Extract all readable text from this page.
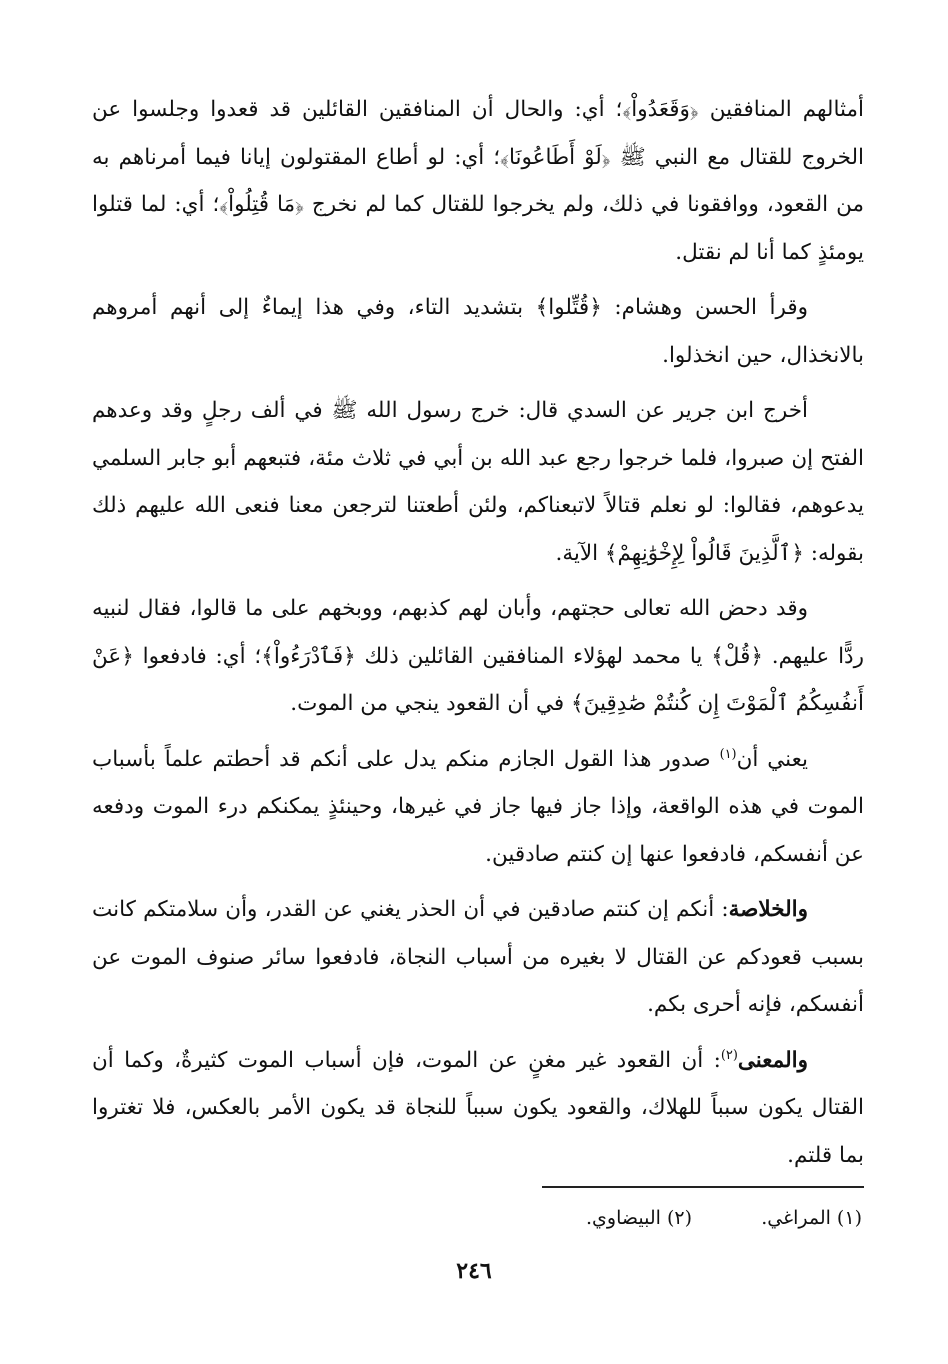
أمثالهم المنافقين ﴿وَقَعَدُواْ﴾؛ أي: والحال أن المنافقين القائلين قد قعدوا وجلسوا عن الخروج للقتال مع النبي ﷺ ﴿لَوْ أَطَاعُونَا﴾؛ أي: لو أطاع المقتولون إيانا فيما أمرناهم به من القعود، ووافقونا في ذلك، ولم يخرجوا للقتال كما لم نخرج ﴿مَا قُتِلُواْ﴾؛ أي: لما قتلوا يومئذٍ كما أنا لم نقتل.

وقرأ الحسن وهشام: ﴿قُتِّلوا﴾ بتشديد التاء، وفي هذا إيماءٌ إلى أنهم أمروهم بالانخذال، حين انخذلوا.

أخرج ابن جرير عن السدي قال: خرج رسول الله ﷺ في ألف رجلٍ وقد وعدهم الفتح إن صبروا، فلما خرجوا رجع عبد الله بن أبي في ثلاث مئة، فتبعهم أبو جابر السلمي يدعوهم، فقالوا: لو نعلم قتالاً لاتبعناكم، ولئن أطعتنا لترجعن معنا فنعى الله عليهم ذلك بقوله: ﴿ٱلَّذِينَ قَالُواْ لِإِخْوَٰنِهِمْ﴾ الآية.

وقد دحض الله تعالى حجتهم، وأبان لهم كذبهم، ووبخهم على ما قالوا، فقال لنبيه ردًّا عليهم. ﴿قُلْ﴾ يا محمد لهؤلاء المنافقين القائلين ذلك ﴿فَٱدْرَءُواْ﴾؛ أي: فادفعوا ﴿عَنْ أَنفُسِكُمُ ٱلْمَوْتَ إِن كُنتُمْ صَٰدِقِينَ﴾ في أن القعود ينجي من الموت.

يعني أن$^{(١)}$ صدور هذا القول الجازم منكم يدل على أنكم قد أحطتم علماً بأسباب الموت في هذه الواقعة، وإذا جاز فيها جاز في غيرها، وحينئذٍ يمكنكم درء الموت ودفعه عن أنفسكم، فادفعوا عنها إن كنتم صادقين.

والخلاصة: أنكم إن كنتم صادقين في أن الحذر يغني عن القدر، وأن سلامتكم كانت بسبب قعودكم عن القتال لا بغيره من أسباب النجاة، فادفعوا سائر صنوف الموت عن أنفسكم، فإنه أحرى بكم.

والمعنى$^{(٢)}$: أن القعود غير مغنٍ عن الموت، فإن أسباب الموت كثيرةٌ، وكما أن القتال يكون سبباً للهلاك، والقعود يكون سبباً للنجاة قد يكون الأمر بالعكس، فلا تغتروا بما قلتم.

(١) المراغي.
(٢) البيضاوي.
٢٤٦
